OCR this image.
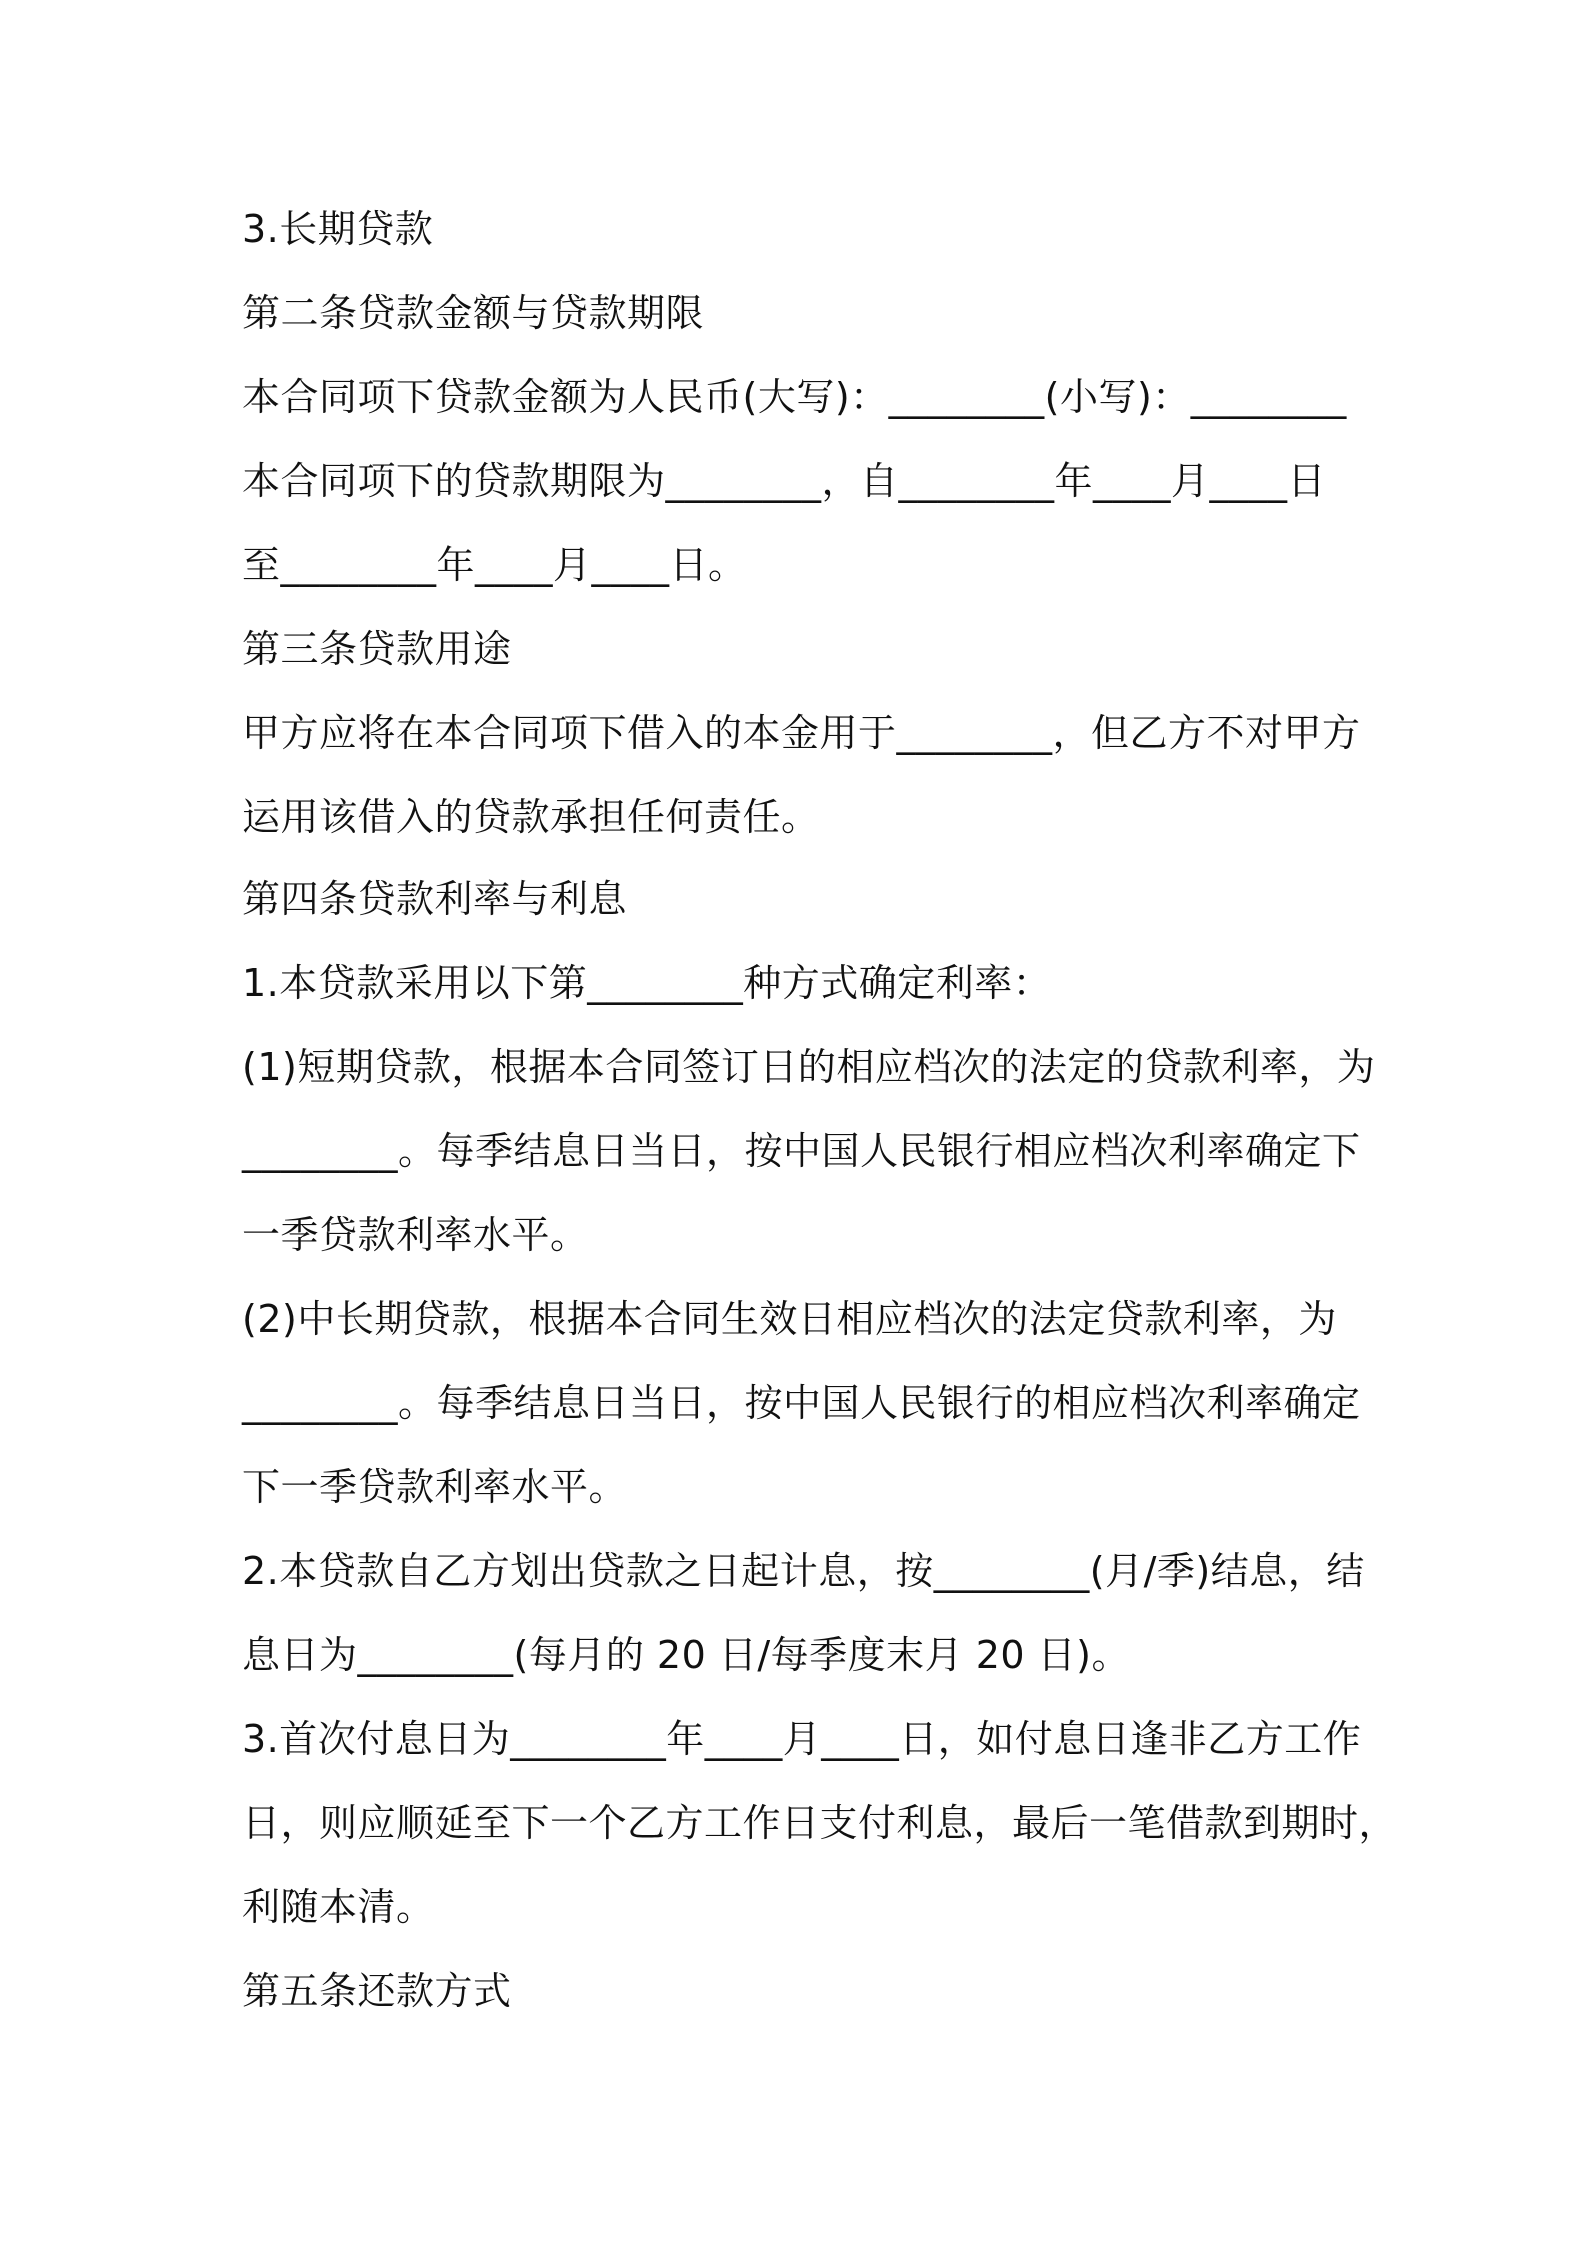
3.长期贷款
第二条贷款金额与贷款期限
本合同项下贷款金额为人民币(大写)：________(小写)：________
本合同项下的贷款期限为________，自________年____月____日
至________年____月____日。
第三条贷款用途
甲方应将在本合同项下借入的本金用于________，但乙方不对甲方
运用该借入的贷款承担任何责任。
第四条贷款利率与利息
1.本贷款采用以下第________种方式确定利率：
(1)短期贷款，根据本合同签订日的相应档次的法定的贷款利率，为
________。每季结息日当日，按中国人民银行相应档次利率确定下
一季贷款利率水平。
(2)中长期贷款，根据本合同生效日相应档次的法定贷款利率，为
________。每季结息日当日，按中国人民银行的相应档次利率确定
下一季贷款利率水平。
2.本贷款自乙方划出贷款之日起计息，按________(月/季)结息，结
息日为________(每月的 20 日/每季度末月 20 日)。
3.首次付息日为________年____月____日，如付息日逢非乙方工作
日，则应顺延至下一个乙方工作日支付利息，最后一笔借款到期时，
利随本清。
第五条还款方式
